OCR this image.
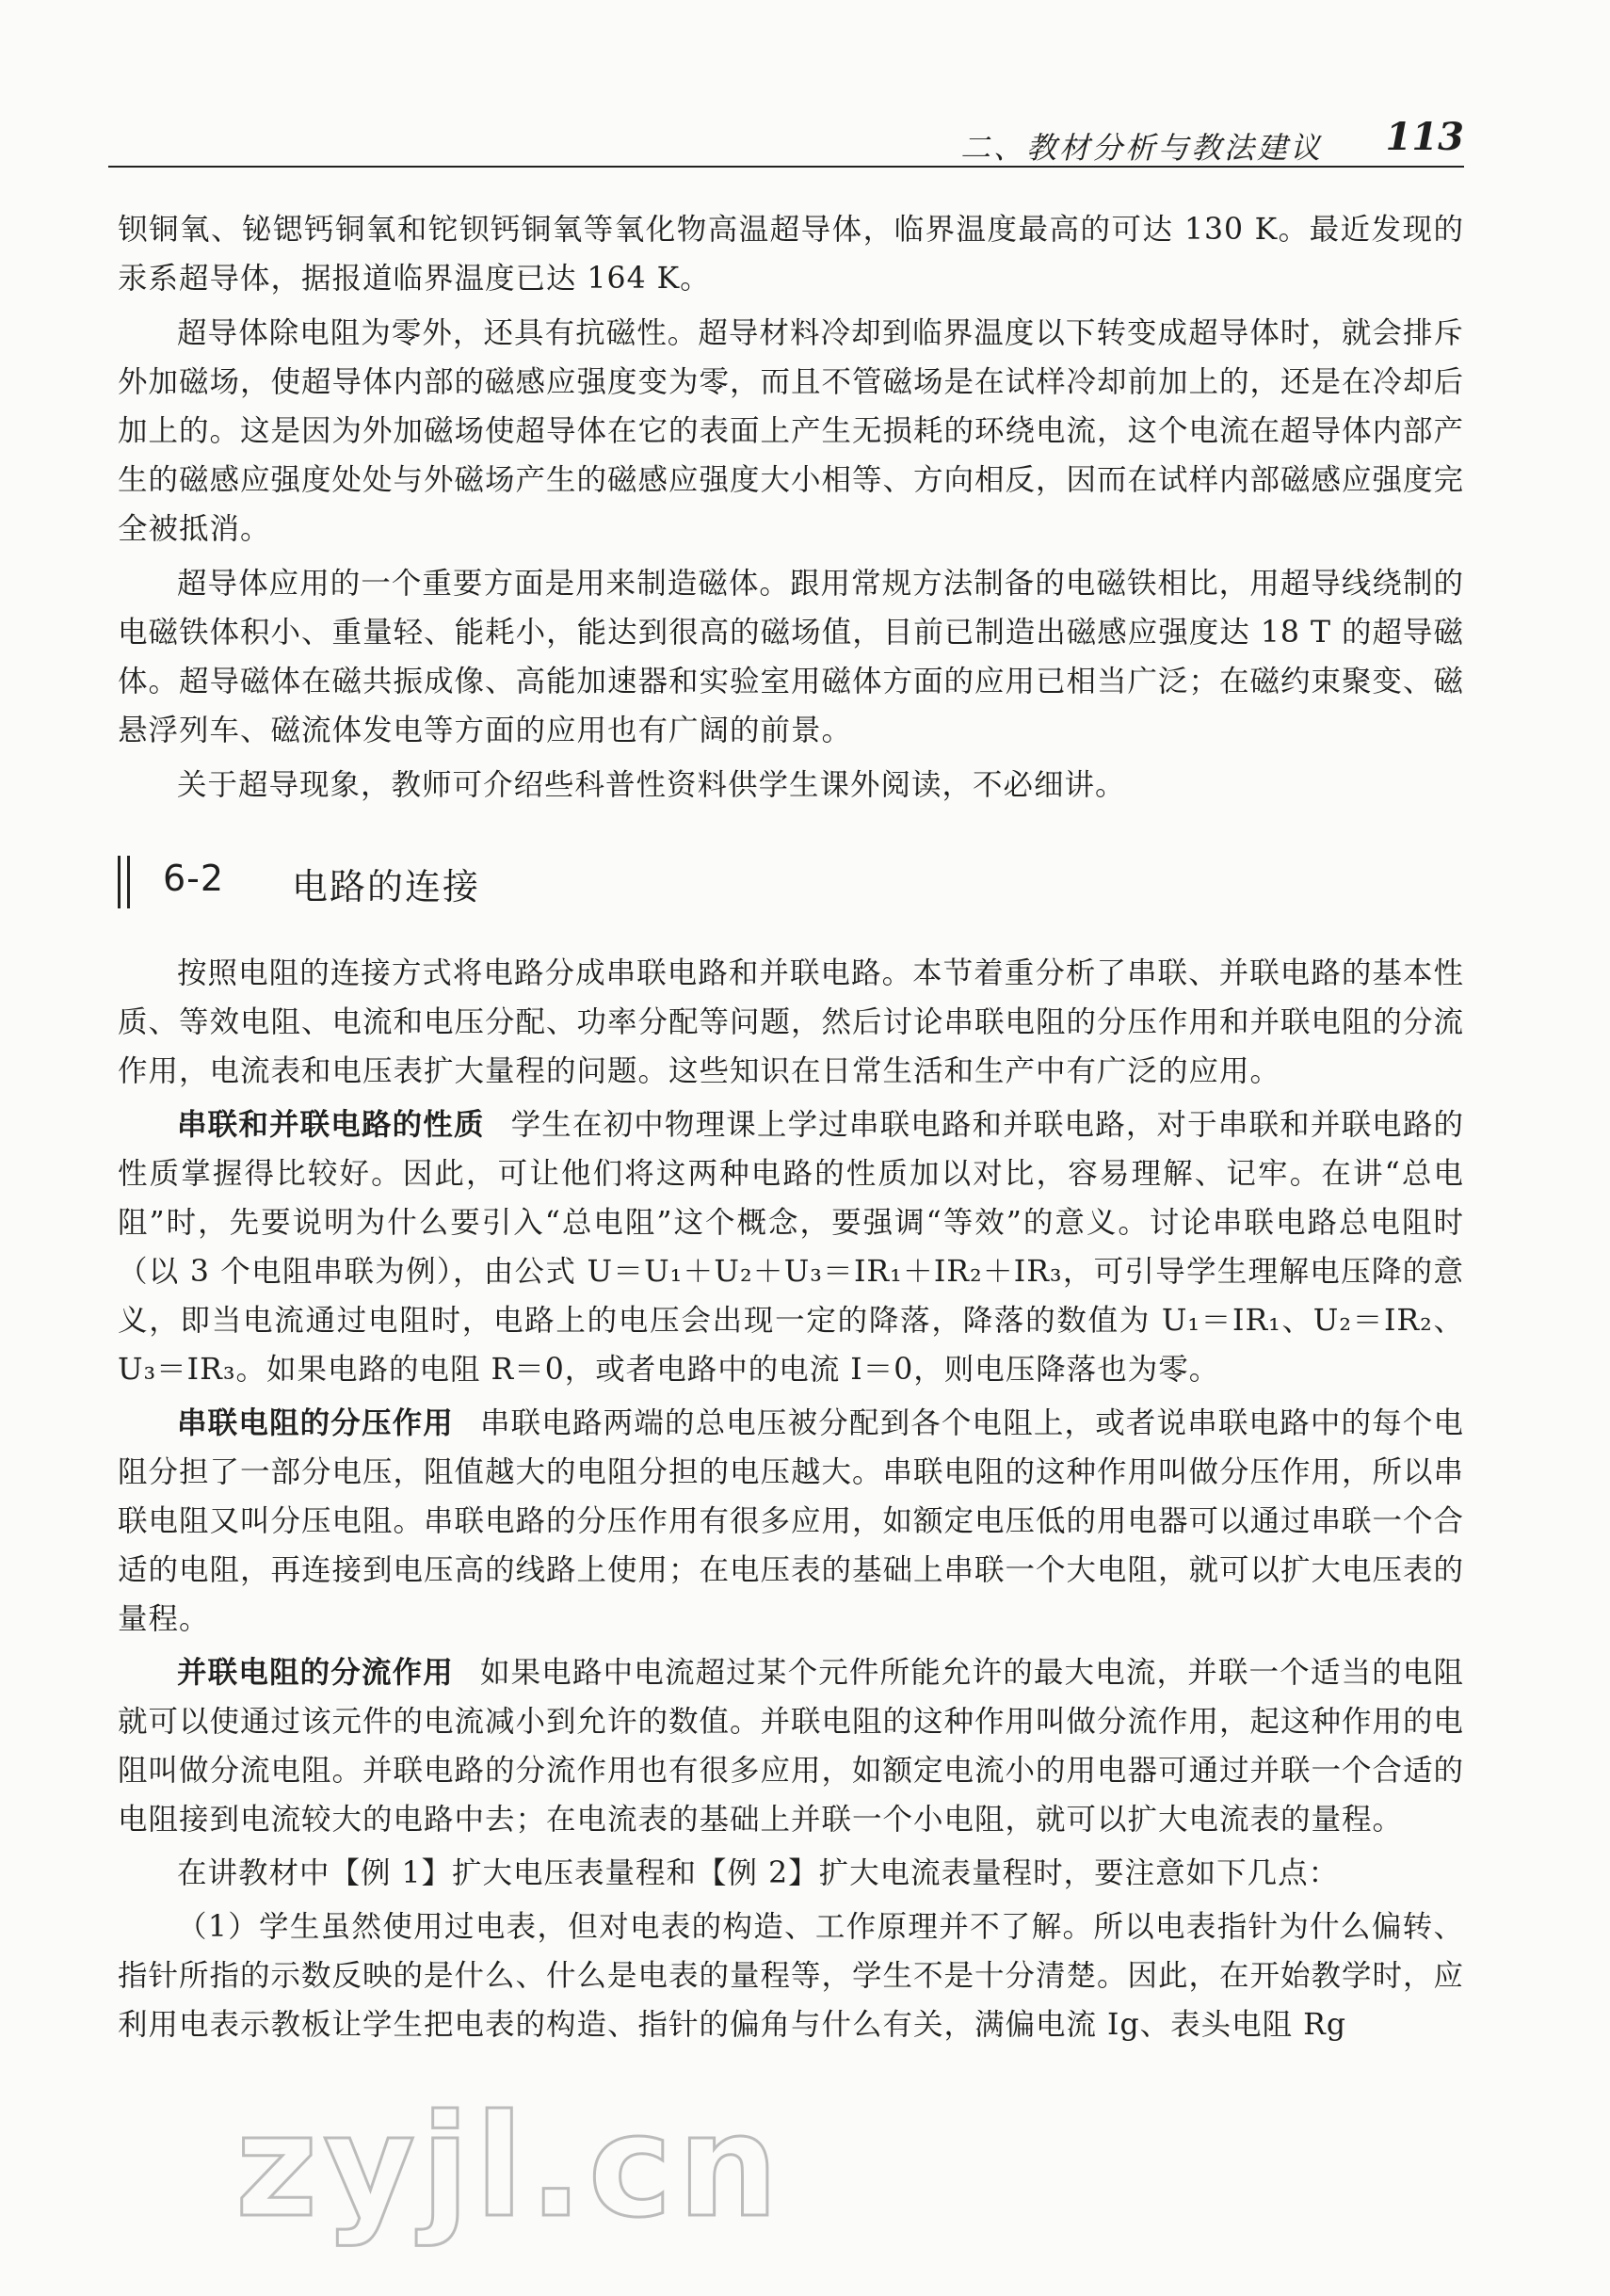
二、教材分析与教法建议 113

钡铜氧、铋锶钙铜氧和铊钡钙铜氧等氧化物高温超导体，临界温度最高的可达 130 K。最近发现的汞系超导体，据报道临界温度已达 164 K。

超导体除电阻为零外，还具有抗磁性。超导材料冷却到临界温度以下转变成超导体时，就会排斥外加磁场，使超导体内部的磁感应强度变为零，而且不管磁场是在试样冷却前加上的，还是在冷却后加上的。这是因为外加磁场使超导体在它的表面上产生无损耗的环绕电流，这个电流在超导体内部产生的磁感应强度处处与外磁场产生的磁感应强度大小相等、方向相反，因而在试样内部磁感应强度完全被抵消。

超导体应用的一个重要方面是用来制造磁体。跟用常规方法制备的电磁铁相比，用超导线绕制的电磁铁体积小、重量轻、能耗小，能达到很高的磁场值，目前已制造出磁感应强度达 18 T 的超导磁体。超导磁体在磁共振成像、高能加速器和实验室用磁体方面的应用已相当广泛；在磁约束聚变、磁悬浮列车、磁流体发电等方面的应用也有广阔的前景。

关于超导现象，教师可介绍些科普性资料供学生课外阅读，不必细讲。

6-2 电路的连接

按照电阻的连接方式将电路分成串联电路和并联电路。本节着重分析了串联、并联电路的基本性质、等效电阻、电流和电压分配、功率分配等问题，然后讨论串联电阻的分压作用和并联电阻的分流作用，电流表和电压表扩大量程的问题。这些知识在日常生活和生产中有广泛的应用。

串联和并联电路的性质 学生在初中物理课上学过串联电路和并联电路，对于串联和并联电路的性质掌握得比较好。因此，可让他们将这两种电路的性质加以对比，容易理解、记牢。在讲“总电阻”时，先要说明为什么要引入“总电阻”这个概念，要强调“等效”的意义。讨论串联电路总电阻时（以 3 个电阻串联为例），由公式 U＝U₁＋U₂＋U₃＝IR₁＋IR₂＋IR₃，可引导学生理解电压降的意义，即当电流通过电阻时，电路上的电压会出现一定的降落，降落的数值为 U₁＝IR₁、U₂＝IR₂、U₃＝IR₃。如果电路的电阻 R＝0，或者电路中的电流 I＝0，则电压降落也为零。

串联电阻的分压作用 串联电路两端的总电压被分配到各个电阻上，或者说串联电路中的每个电阻分担了一部分电压，阻值越大的电阻分担的电压越大。串联电阻的这种作用叫做分压作用，所以串联电阻又叫分压电阻。串联电路的分压作用有很多应用，如额定电压低的用电器可以通过串联一个合适的电阻，再连接到电压高的线路上使用；在电压表的基础上串联一个大电阻，就可以扩大电压表的量程。

并联电阻的分流作用 如果电路中电流超过某个元件所能允许的最大电流，并联一个适当的电阻就可以使通过该元件的电流减小到允许的数值。并联电阻的这种作用叫做分流作用，起这种作用的电阻叫做分流电阻。并联电路的分流作用也有很多应用，如额定电流小的用电器可通过并联一个合适的电阻接到电流较大的电路中去；在电流表的基础上并联一个小电阻，就可以扩大电流表的量程。

在讲教材中【例 1】扩大电压表量程和【例 2】扩大电流表量程时，要注意如下几点：

（1）学生虽然使用过电表，但对电表的构造、工作原理并不了解。所以电表指针为什么偏转、指针所指的示数反映的是什么、什么是电表的量程等，学生不是十分清楚。因此，在开始教学时，应利用电表示教板让学生把电表的构造、指针的偏角与什么有关，满偏电流 Ig、表头电阻 Rg

zyjl.cn
